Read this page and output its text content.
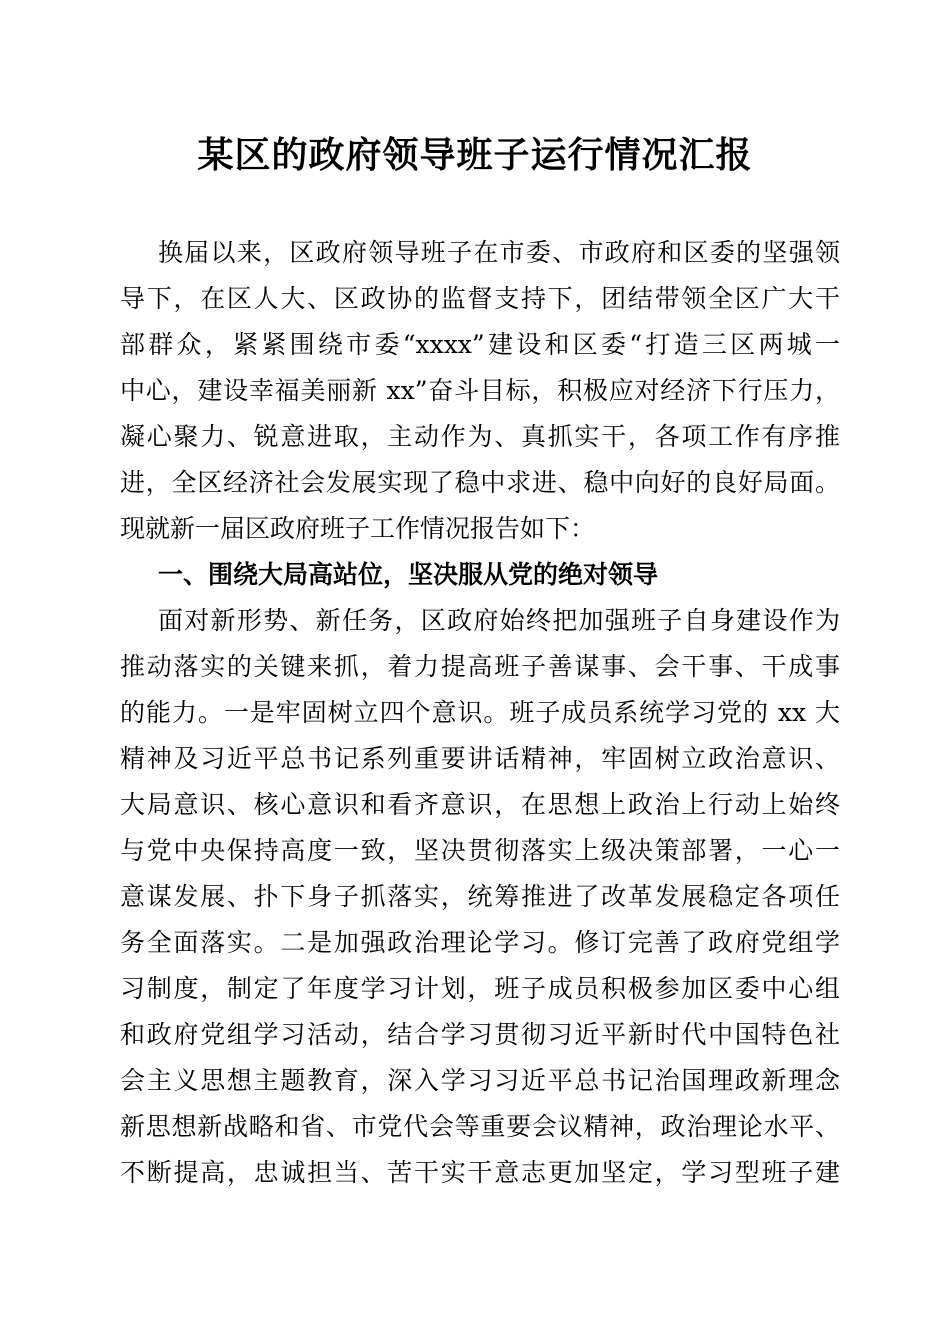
某区的政府领导班子运行情况汇报
换届以来，区政府领导班子在市委、市政府和区委的坚强领
导下，在区人大、区政协的监督支持下，团结带领全区广大干
部群众，紧紧围绕市委“xxxx”建设和区委“打造三区两城一
中心，建设幸福美丽新 xx”奋斗目标，积极应对经济下行压力，
凝心聚力、锐意进取，主动作为、真抓实干，各项工作有序推
进，全区经济社会发展实现了稳中求进、稳中向好的良好局面。
现就新一届区政府班子工作情况报告如下：
一、围绕大局高站位，坚决服从党的绝对领导
面对新形势、新任务，区政府始终把加强班子自身建设作为
推动落实的关键来抓，着力提高班子善谋事、会干事、干成事
的能力。一是牢固树立四个意识。班子成员系统学习党的 xx 大
精神及习近平总书记系列重要讲话精神，牢固树立政治意识、
大局意识、核心意识和看齐意识，在思想上政治上行动上始终
与党中央保持高度一致，坚决贯彻落实上级决策部署，一心一
意谋发展、扑下身子抓落实，统筹推进了改革发展稳定各项任
务全面落实。二是加强政治理论学习。修订完善了政府党组学
习制度，制定了年度学习计划，班子成员积极参加区委中心组
和政府党组学习活动，结合学习贯彻习近平新时代中国特色社
会主义思想主题教育，深入学习习近平总书记治国理政新理念
新思想新战略和省、市党代会等重要会议精神，政治理论水平、
不断提高，忠诚担当、苦干实干意志更加坚定，学习型班子建
